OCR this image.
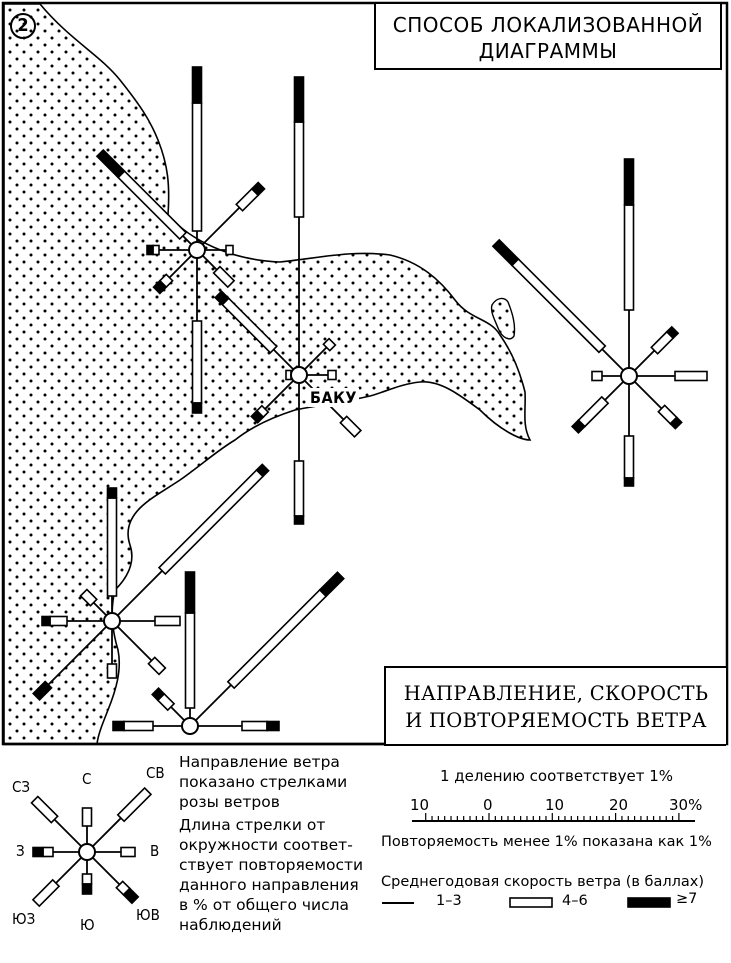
2	СПОСОБ ЛОКАЛИЗОВАННОЙ
ДИАГРАММЫ
БАКУ
НАПРАВЛЕНИЕ, СКОРОСТЬ
И ПОВТОРЯЕМОСТЬ ВЕТРА
СЗ	С	СВ
З	В
ЮЗ	Ю
ЮВ
Направление ветра
показано стрелками
розы ветров
Длина стрелки от
окружности соответ-
ствует повторяемости
данного направления
в % от общего числа
наблюдений
1 делению соответствует 1%
10	0	10	20	30%
Повторяемость менее 1% показана как 1%
Среднегодовая скорость ветра (в баллах)
1–3	4–6	≥7
